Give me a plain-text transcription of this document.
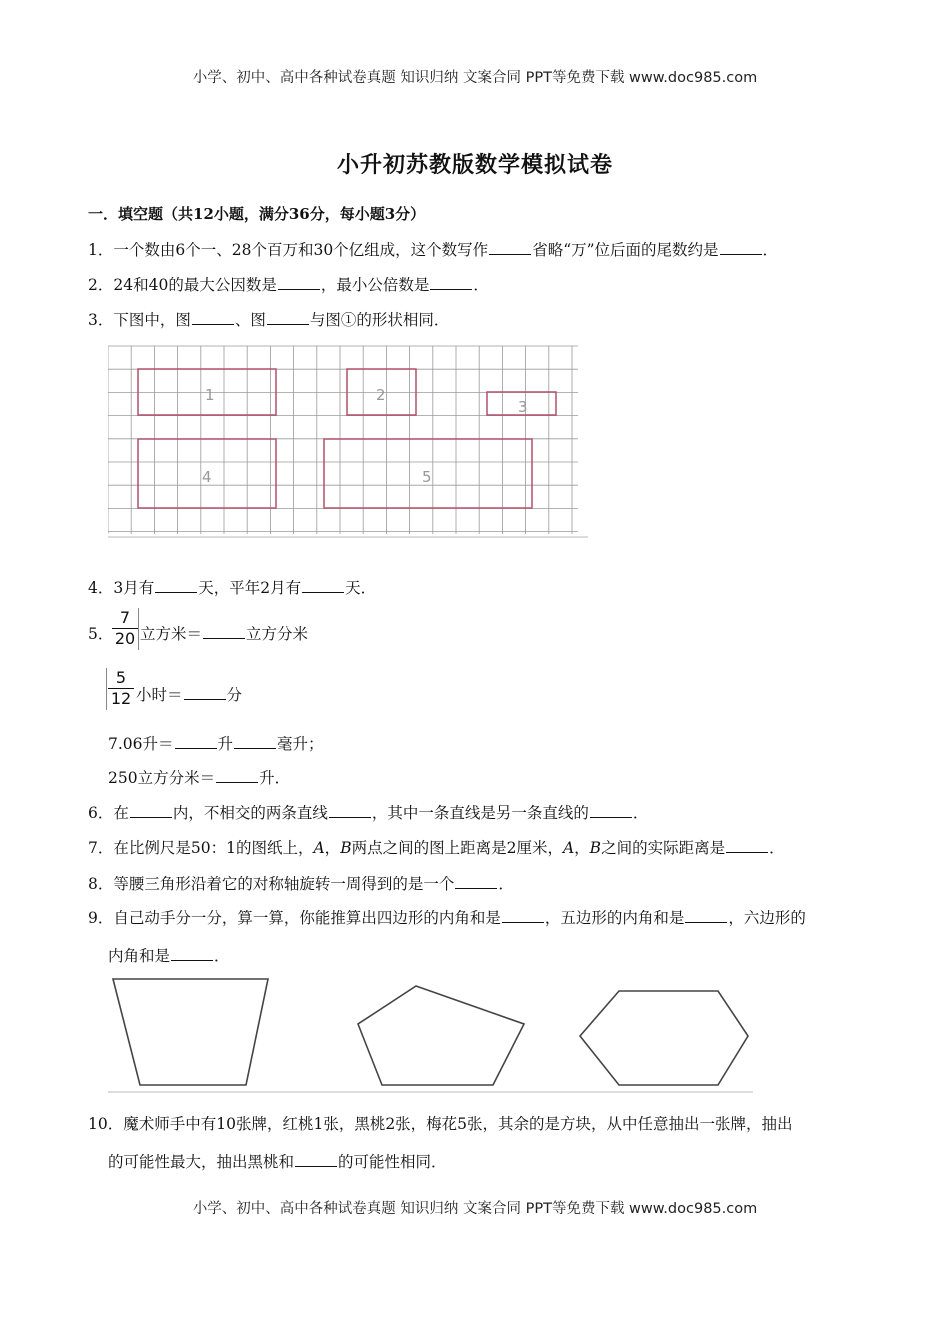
小学、初中、高中各种试卷真题 知识归纳 文案合同 PPT等免费下载 www.doc985.com
小升初苏教版数学模拟试卷
一．填空题（共12小题，满分36分，每小题3分）
1．一个数由6个一、28个百万和30个亿组成，这个数写作	省略“万”位后面的尾数约是	．
2．24和40的最大公因数是	，最小公倍数是	．
3．下图中，图	、图	与图①的形状相同．
1	2
3
4	5
4．3月有	天，平年2月有	天．
5．
$\frac{7}{20}$ 立方米＝	立方分米
$\frac{5}{12}$ 小时＝	分
7.06升＝	升	毫升；
250立方分米＝	升．
6．在	内，不相交的两条直线	，其中一条直线是另一条直线的	．
7．在比例尺是50：1的图纸上，A，B两点之间的图上距离是2厘米，A，B之间的实际距离是	．
8．等腰三角形沿着它的对称轴旋转一周得到的是一个	．
9．自己动手分一分，算一算，你能推算出四边形的内角和是	，五边形的内角和是	，六边形的
内角和是	．
10．魔术师手中有10张牌，红桃1张，黑桃2张，梅花5张，其余的是方块，从中任意抽出一张牌，抽出
的可能性最大，抽出黑桃和	的可能性相同．
小学、初中、高中各种试卷真题 知识归纳 文案合同 PPT等免费下载 www.doc985.com
